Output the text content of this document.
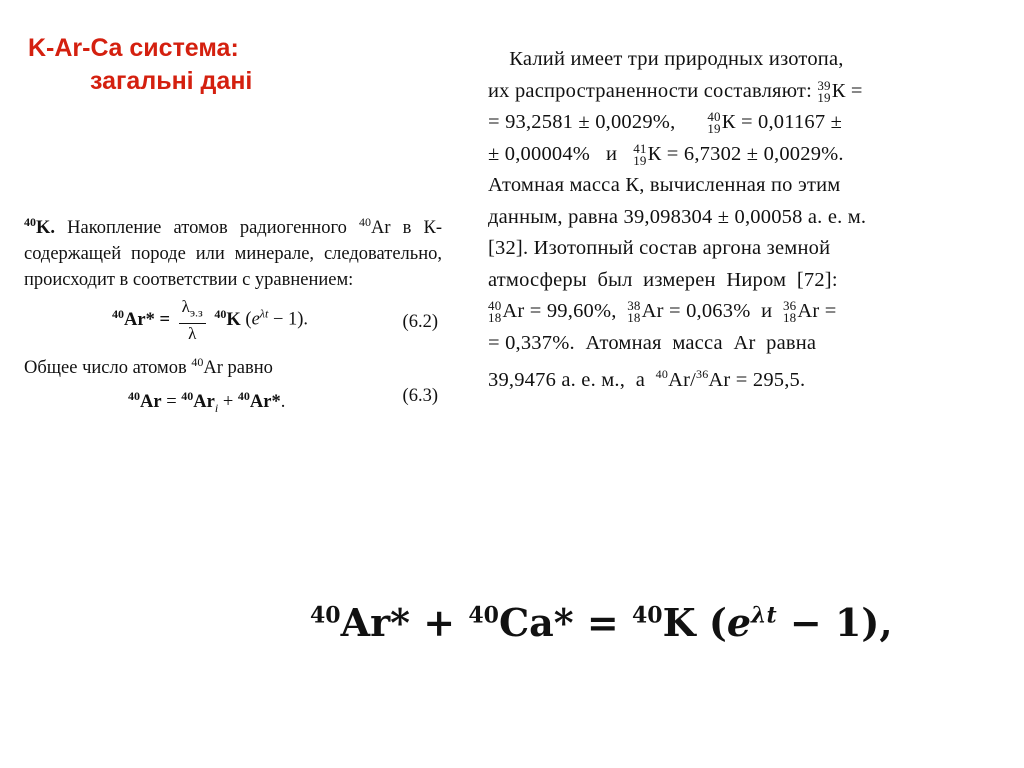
K-Ar-Ca система:
загальні дані

$^{40}$K. Накопление атомов радиогенного $^{40}$Ar в К-содержащей породе или минерале, следовательно, происходит в соответствии с уравнением:

$^{40}Ar* = \frac{\lambda_{э.з}}{\lambda} ^{40}K$ $(e^{\lambda t} - 1)$.	(6.2)

Общее число атомов $^{40}$Ar равно

$^{40}Ar = ^{40}Ar_i + ^{40}Ar*$.	(6.3)
Калий имеет три природных изотопа,
их распространенности составляют: 39
19 К =
= 93,2581 ± 0,0029%, 40
19 К = 0,01167 ±
± 0,00004%   и 41
19 К = 6,7302 ± 0,0029%.
Атомная масса К, вычисленная по этим
данным, равна 39,098304 ± 0,00058 а. е. м.
[32]. Изотопный состав аргона земной
атмосферы  был  измерен  Ниром  [72]:
40
18 Ar = 99,60%, 38
18 Ar = 0,063%  и 36
18 Ar =
= 0,337%.  Атомная  масса  Ar  равна
39,9476 а. е. м.,  а  $^{40}$Ar/$^{36}$Ar = 295,5.
$^{40}$Ar* + $^{40}$Ca* = $^{40}$K $(e^{\lambda t} - 1)$,
